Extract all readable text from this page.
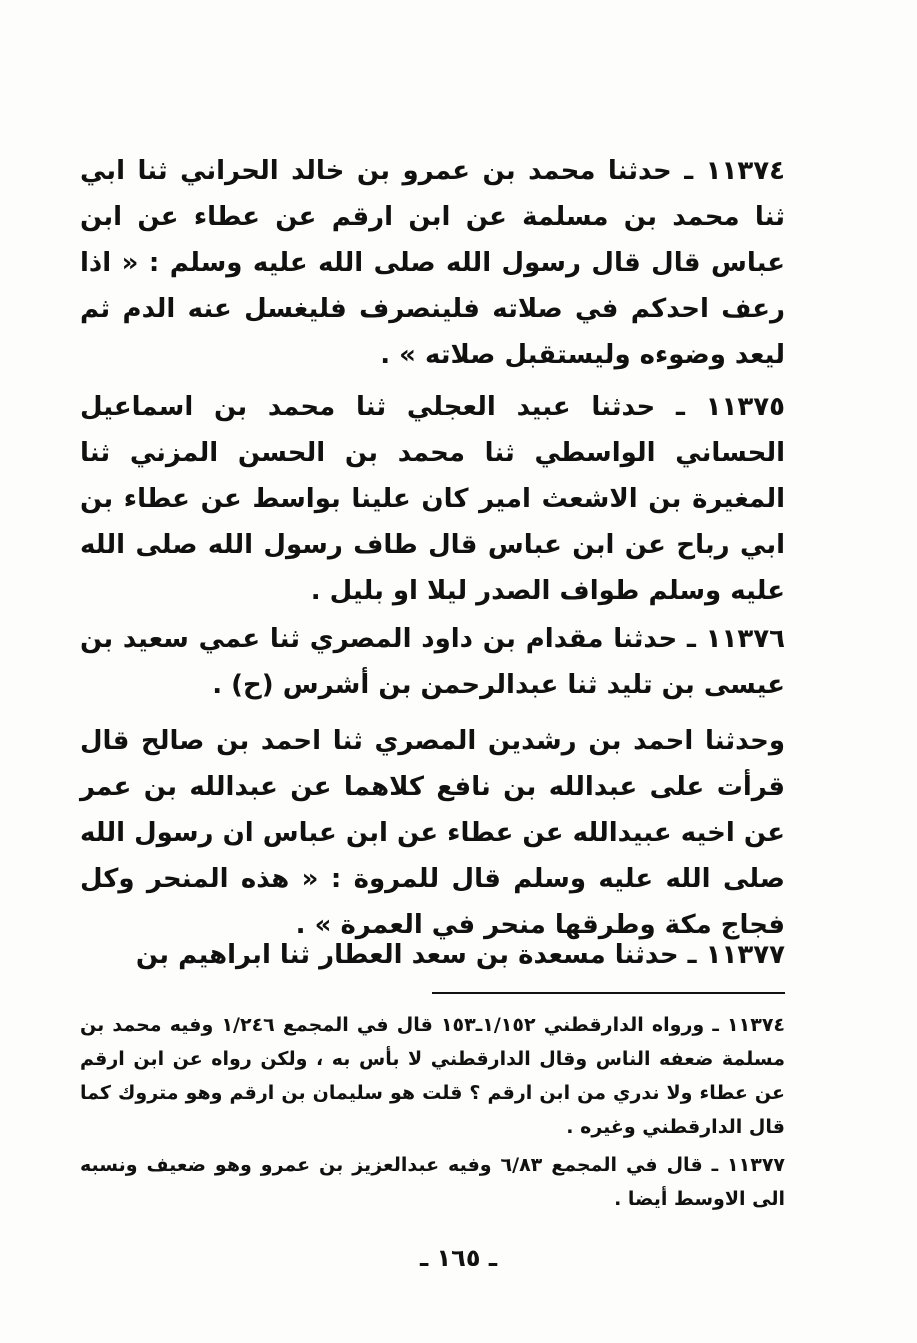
١١٣٧٤ ـ حدثنا محمد بن عمرو بن خالد الحراني ثنا ابي ثنا محمد بن مسلمة عن ابن ارقم عن عطاء عن ابن عباس قال قال رسول الله صلى الله عليه وسلم : « اذا رعف احدكم في صلاته فلينصرف فليغسل عنه الدم ثم ليعد وضوءه وليستقبل صلاته » .

١١٣٧٥ ـ حدثنا عبيد العجلي ثنا محمد بن اسماعيل الحساني الواسطي ثنا محمد بن الحسن المزني ثنا المغيرة بن الاشعث امير كان علينا بواسط عن عطاء بن ابي رباح عن ابن عباس قال طاف رسول الله صلى الله عليه وسلم طواف الصدر ليلا او بليل .

١١٣٧٦ ـ حدثنا مقدام بن داود المصري ثنا عمي سعيد بن عيسى بن تليد ثنا عبدالرحمن بن أشرس (ح) .

وحدثنا احمد بن رشدين المصري ثنا احمد بن صالح قال قرأت على عبدالله بن نافع كلاهما عن عبدالله بن عمر عن اخيه عبيدالله عن عطاء عن ابن عباس ان رسول الله صلى الله عليه وسلم قال للمروة : « هذه المنحر وكل فجاج مكة وطرقها منحر في العمرة » .

١١٣٧٧ ـ حدثنا مسعدة بن سعد العطار ثنا ابراهيم بن

١١٣٧٤ ـ ورواه الدارقطني ١/١٥٢ـ١٥٣ قال في المجمع ١/٢٤٦ وفيه محمد بن مسلمة ضعفه الناس وقال الدارقطني لا بأس به ، ولكن رواه عن ابن ارقم عن عطاء ولا ندري من ابن ارقم ؟ قلت هو سليمان بن ارقم وهو متروك كما قال الدارقطني وغيره .

١١٣٧٧ ـ قال في المجمع ٦/٨٣ وفيه عبدالعزيز بن عمرو وهو ضعيف ونسبه الى الاوسط أيضا .

ـ ١٦٥ ـ
